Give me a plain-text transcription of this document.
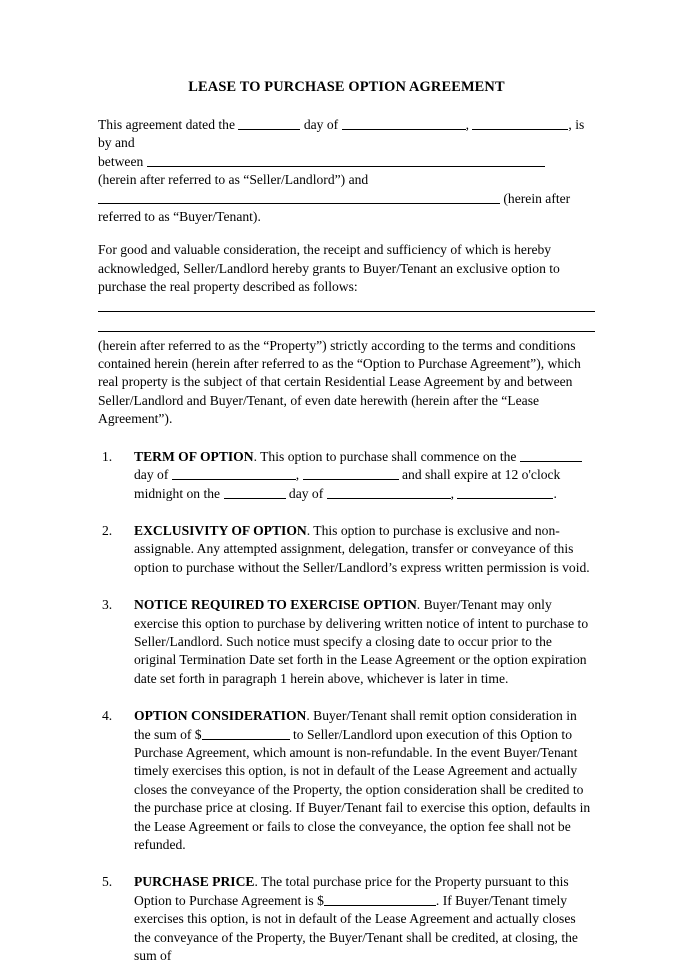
LEASE TO PURCHASE OPTION AGREEMENT
This agreement dated the	day of	,	, is by and
between
(herein after referred to as “Seller/Landlord”) and
(herein after
referred to as “Buyer/Tenant).
For good and valuable consideration, the receipt and sufficiency of which is hereby acknowledged, Seller/Landlord hereby grants to Buyer/Tenant an exclusive option to purchase the real property described as follows:
(herein after referred to as the “Property”) strictly according to the terms and conditions contained herein (herein after referred to as the “Option to Purchase Agreement”), which real property is the subject of that certain Residential Lease Agreement by and between Seller/Landlord and Buyer/Tenant, of even date herewith (herein after the “Lease Agreement”).
1. TERM OF OPTION. This option to purchase shall commence on the  day of	,	and shall expire at 12 o'clock midnight on the	day of	,	.
2. EXCLUSIVITY OF OPTION. This option to purchase is exclusive and non-assignable. Any attempted assignment, delegation, transfer or conveyance of this option to purchase without the Seller/Landlord’s express written permission is void.
3. NOTICE REQUIRED TO EXERCISE OPTION. Buyer/Tenant may only exercise this option to purchase by delivering written notice of intent to purchase to Seller/Landlord. Such notice must specify a closing date to occur prior to the original Termination Date set forth in the Lease Agreement or the option expiration date set forth in paragraph 1 herein above, whichever is later in time.
4. OPTION CONSIDERATION. Buyer/Tenant shall remit option consideration in the sum of $	to Seller/Landlord upon execution of this Option to Purchase Agreement, which amount is non-refundable. In the event Buyer/Tenant timely exercises this option, is not in default of the Lease Agreement and actually closes the conveyance of the Property, the option consideration shall be credited to the purchase price at closing. If Buyer/Tenant fail to exercise this option, defaults in the Lease Agreement or fails to close the conveyance, the option fee shall not be refunded.
5. PURCHASE PRICE. The total purchase price for the Property pursuant to this Option to Purchase Agreement is $	. If Buyer/Tenant timely exercises this option, is not in default of the Lease Agreement and actually closes the conveyance of the Property, the Buyer/Tenant shall be credited, at closing, the sum of
